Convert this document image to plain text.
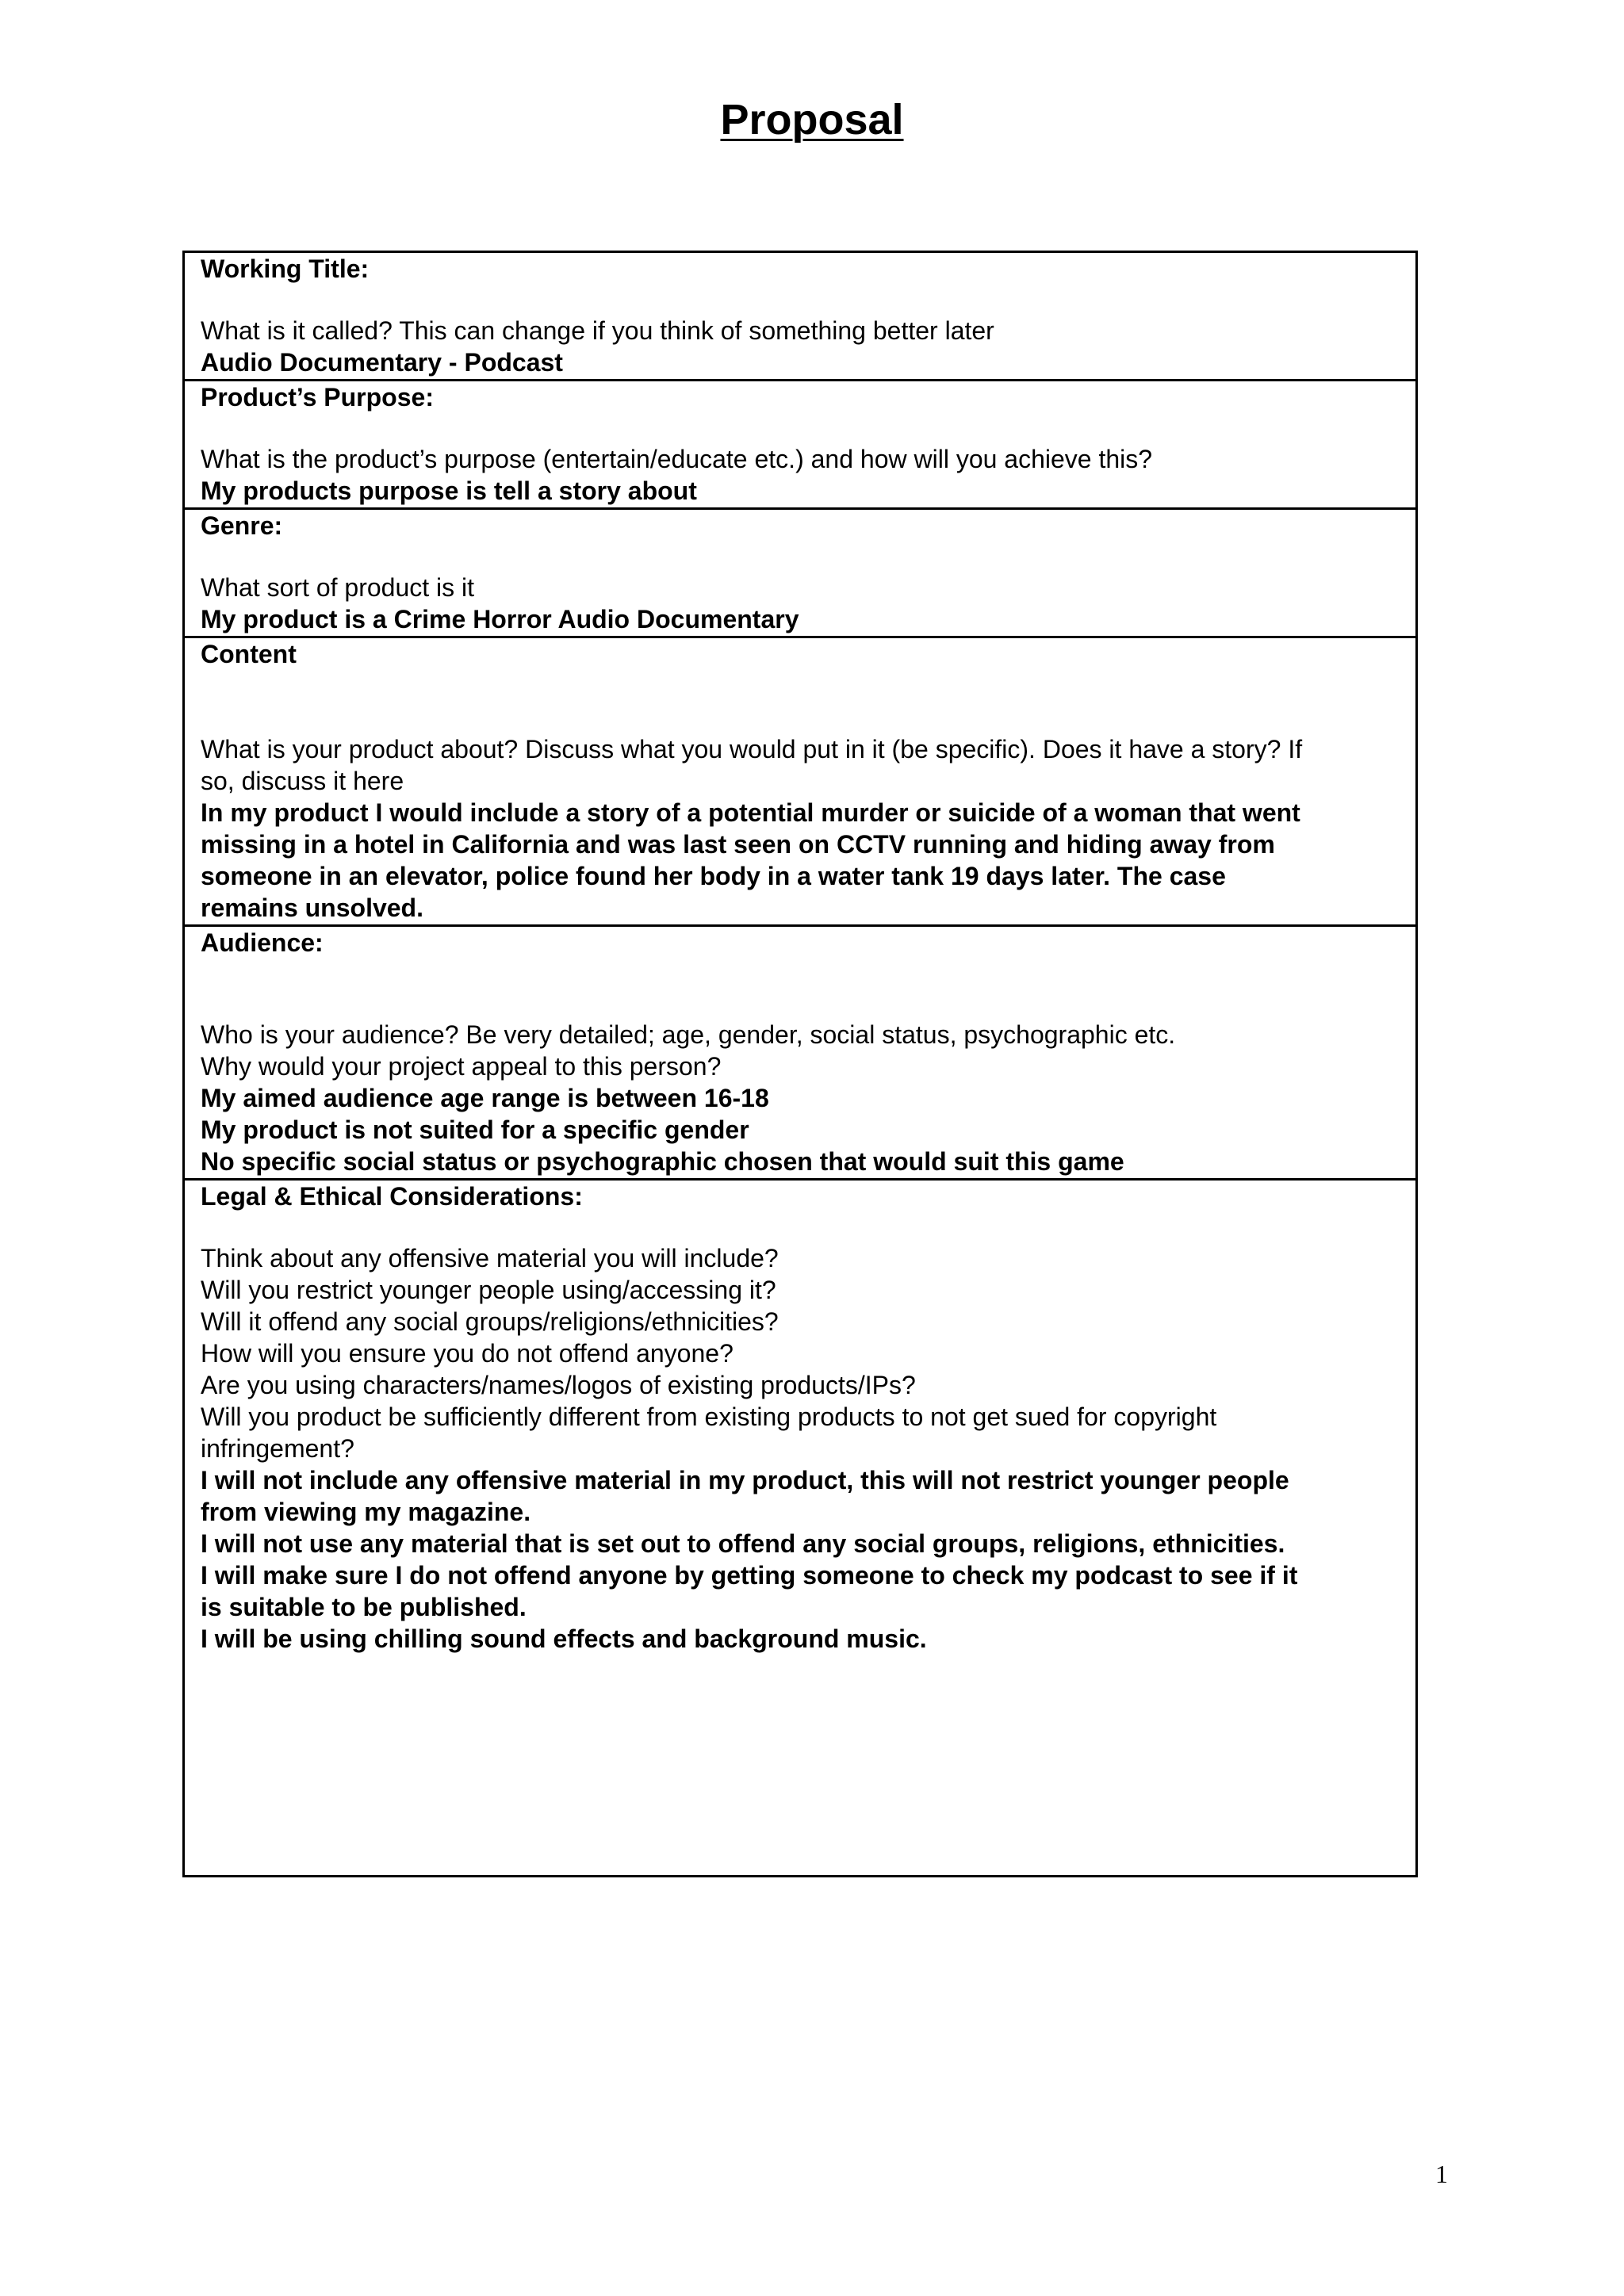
Proposal
Working Title:
What is it called? This can change if you think of something better later
Audio Documentary - Podcast
Product’s Purpose:
What is the product’s purpose (entertain/educate etc.) and how will you achieve this?
My products purpose is tell a story about
Genre:
What sort of product is it
My product is a Crime Horror Audio Documentary
Content
What is your product about? Discuss what you would put in it (be specific). Does it have a story? If
so, discuss it here
In my product I would include a story of a potential murder or suicide of a woman that went
missing in a hotel in California and was last seen on CCTV running and hiding away from
someone in an elevator, police found her body in a water tank 19 days later. The case
remains unsolved.
Audience:
Who is your audience? Be very detailed; age, gender, social status, psychographic etc.
Why would your project appeal to this person?
My aimed audience age range is between 16-18
My product is not suited for a specific gender
No specific social status or psychographic chosen that would suit this game
Legal & Ethical Considerations:
Think about any offensive material you will include?
Will you restrict younger people using/accessing it?
Will it offend any social groups/religions/ethnicities?
How will you ensure you do not offend anyone?
Are you using characters/names/logos of existing products/IPs?
Will you product be sufficiently different from existing products to not get sued for copyright
infringement?
I will not include any offensive material in my product, this will not restrict younger people
from viewing my magazine.
I will not use any material that is set out to offend any social groups, religions, ethnicities.
I will make sure I do not offend anyone by getting someone to check my podcast to see if it
is suitable to be published.
I will be using chilling sound effects and background music.
1
